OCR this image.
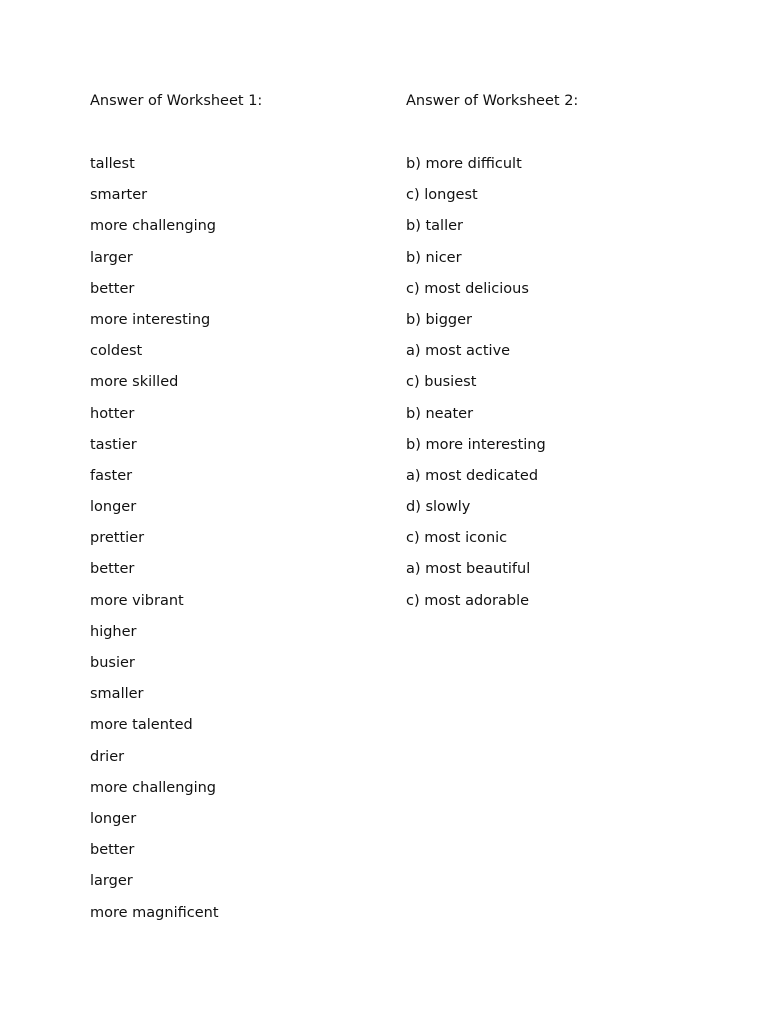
Answer of Worksheet 1:
tallest
smarter
more challenging
larger
better
more interesting
coldest
more skilled
hotter
tastier
faster
longer
prettier
better
more vibrant
higher
busier
smaller
more talented
drier
more challenging
longer
better
larger
more magnificent
Answer of Worksheet 2:
b) more difficult
c) longest
b) taller
b) nicer
c) most delicious
b) bigger
a) most active
c) busiest
b) neater
b) more interesting
a) most dedicated
d) slowly
c) most iconic
a) most beautiful
c) most adorable
